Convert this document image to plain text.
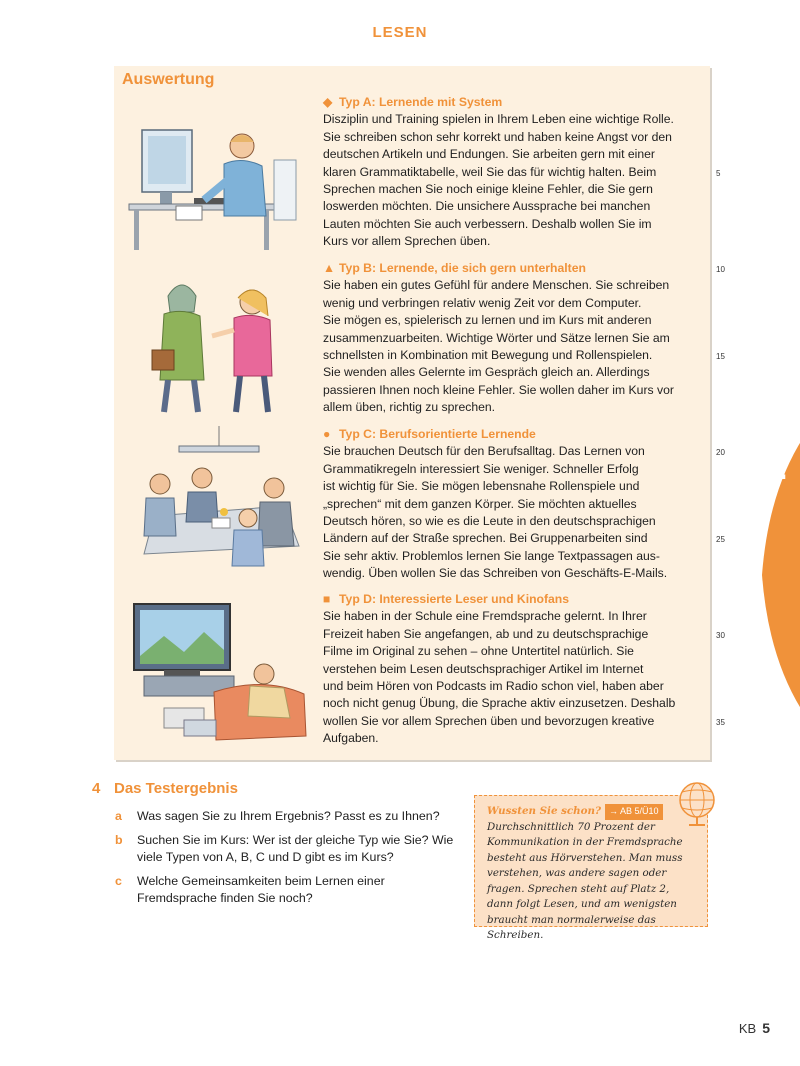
LESEN
Auswertung
◆ Typ A: Lernende mit System
Disziplin und Training spielen in Ihrem Leben eine wichtige Rolle.
Sie schreiben schon sehr korrekt und haben keine Angst vor den
deutschen Artikeln und Endungen. Sie arbeiten gern mit einer
klaren Grammatiktabelle, weil Sie das für wichtig halten. Beim
Sprechen machen Sie noch einige kleine Fehler, die Sie gern
loswerden möchten. Die unsichere Aussprache bei manchen
Lauten möchten Sie auch verbessern. Deshalb wollen Sie im
Kurs vor allem Sprechen üben.
▲ Typ B: Lernende, die sich gern unterhalten
Sie haben ein gutes Gefühl für andere Menschen. Sie schreiben
wenig und verbringen relativ wenig Zeit vor dem Computer.
Sie mögen es, spielerisch zu lernen und im Kurs mit anderen
zusammenzuarbeiten. Wichtige Wörter und Sätze lernen Sie am
schnellsten in Kombination mit Bewegung und Rollenspielen.
Sie wenden alles Gelernte im Gespräch gleich an. Allerdings
passieren Ihnen noch kleine Fehler. Sie wollen daher im Kurs vor
allem üben, richtig zu sprechen.
● Typ C: Berufsorientierte Lernende
Sie brauchen Deutsch für den Berufsalltag. Das Lernen von
Grammatikregeln interessiert Sie weniger. Schneller Erfolg
ist wichtig für Sie. Sie mögen lebensnahe Rollenspiele und
„sprechen“ mit dem ganzen Körper. Sie möchten aktuelles
Deutsch hören, so wie es die Leute in den deutschsprachigen
Ländern auf der Straße sprechen. Bei Gruppenarbeiten sind
Sie sehr aktiv. Problemlos lernen Sie lange Textpassagen aus-
wendig. Üben wollen Sie das Schreiben von Geschäfts-E-Mails.
■ Typ D: Interessierte Leser und Kinofans
Sie haben in der Schule eine Fremdsprache gelernt. In Ihrer
Freizeit haben Sie angefangen, ab und zu deutschsprachige
Filme im Original zu sehen – ohne Untertitel natürlich. Sie
verstehen beim Lesen deutschsprachiger Artikel im Internet
und beim Hören von Podcasts im Radio schon viel, haben aber
noch nicht genug Übung, die Sprache aktiv einzusetzen. Deshalb
wollen Sie vor allem Sprechen üben und bevorzugen kreative
Aufgaben.
5
10
15
20
25
30
35
1
4 Das Testergebnis
a Was sagen Sie zu Ihrem Ergebnis? Passt es zu Ihnen?
b Suchen Sie im Kurs: Wer ist der gleiche Typ wie Sie? Wie viele Typen von A, B, C und D gibt es im Kurs?
c Welche Gemeinsamkeiten beim Lernen einer Fremdsprache finden Sie noch?
Wussten Sie schon? → AB 5/Ü10
Durchschnittlich 70 Prozent der Kommunikation in der Fremdsprache besteht aus Hörverstehen. Man muss verstehen, was andere sagen oder fragen. Sprechen steht auf Platz 2, dann folgt Lesen, und am wenigsten braucht man normalerweise das Schreiben.
KB 5
